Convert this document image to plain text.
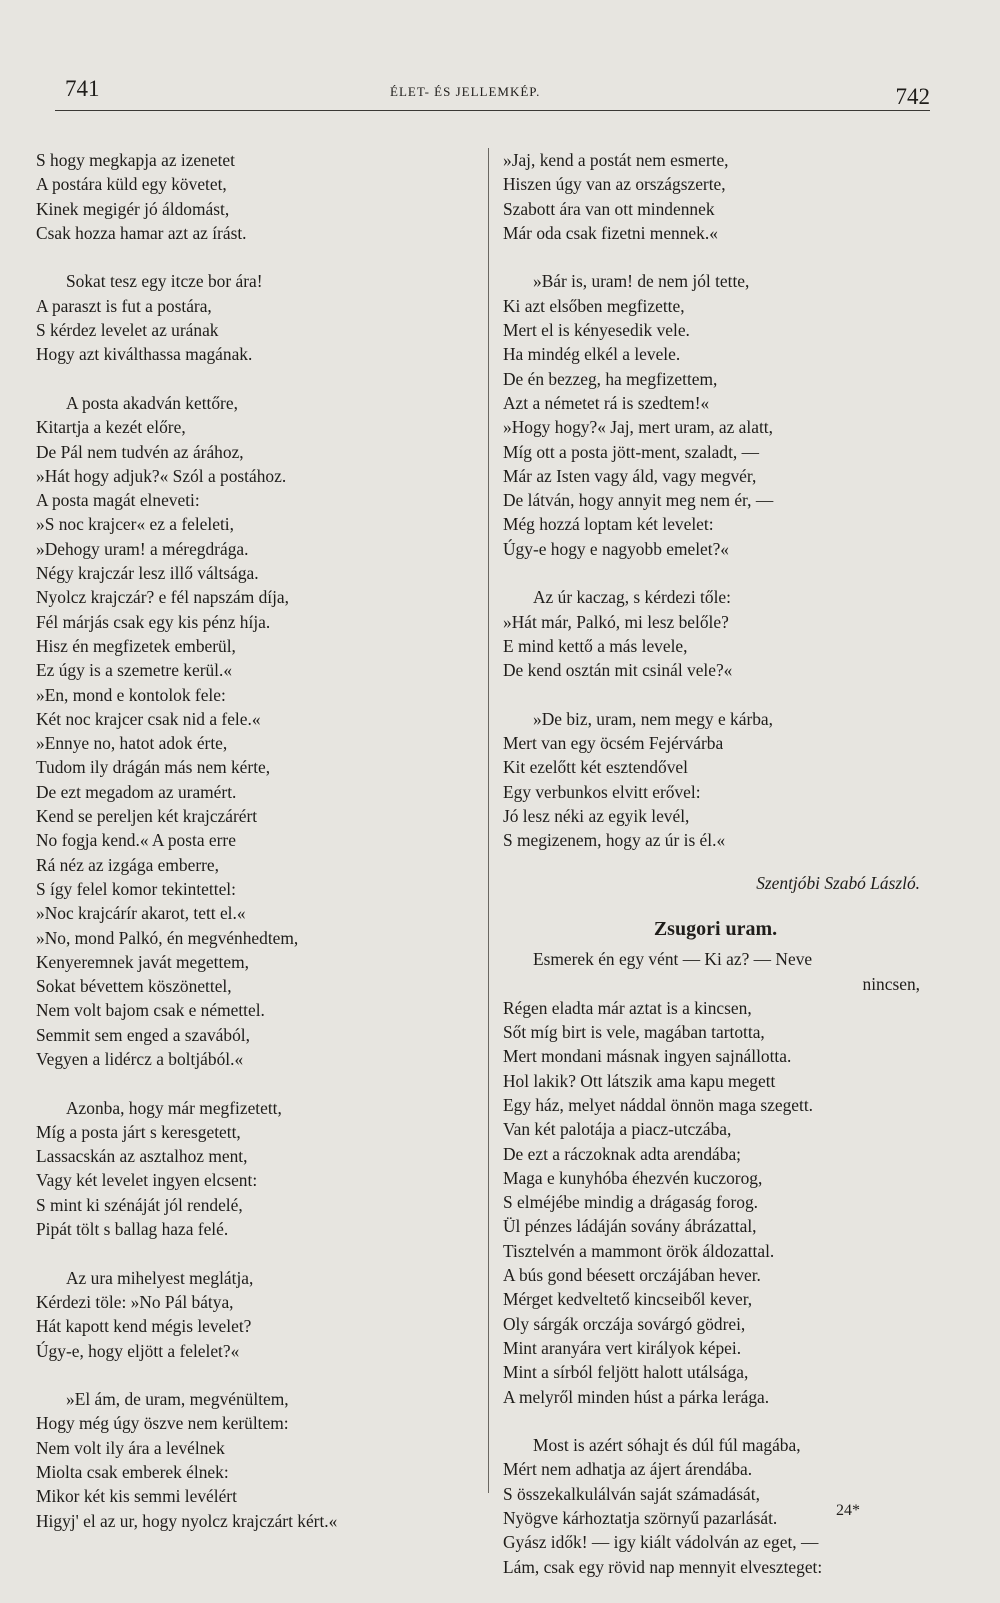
741	ÉLET- ÉS JELLEMKÉP.	742
S hogy megkapja az izenetet
A postára küld egy követet,
Kinek megigér jó áldomást,
Csak hozza hamar azt az írást.
Sokat tesz egy itcze bor ára!
A paraszt is fut a postára,
S kérdez levelet az urának
Hogy azt kiválthassa magának.
A posta akadván kettőre,
Kitartja a kezét előre,
De Pál nem tudvén az árához,
»Hát hogy adjuk?« Szól a postához.
A posta magát elneveti:
»S noc krajcer« ez a feleleti,
»Dehogy uram! a méregdrága.
Négy krajczár lesz illő váltsága.
Nyolcz krajczár? e fél napszám díja,
Fél márjás csak egy kis pénz híja.
Hisz én megfizetek emberül,
Ez úgy is a szemetre kerül.«
»En, mond e kontolok fele:
Két noc krajcer csak nid a fele.«
»Ennye no, hatot adok érte,
Tudom ily drágán más nem kérte,
De ezt megadom az uramért.
Kend se pereljen két krajczárért
No fogja kend.« A posta erre
Rá néz az izgága emberre,
S így felel komor tekintettel:
»Noc krajcárír akarot, tett el.«
»No, mond Palkó, én megvénhedtem,
Kenyeremnek javát megettem,
Sokat bévettem köszönettel,
Nem volt bajom csak e némettel.
Semmit sem enged a szavából,
Vegyen a lidércz a boltjából.«
Azonba, hogy már megfizetett,
Míg a posta járt s keresgetett,
Lassacskán az asztalhoz ment,
Vagy két levelet ingyen elcsent:
S mint ki szénáját jól rendelé,
Pipát tölt s ballag haza felé.
Az ura mihelyest meglátja,
Kérdezi töle: »No Pál bátya,
Hát kapott kend mégis levelet?
Úgy-e, hogy eljött a felelet?«
»El ám, de uram, megvénültem,
Hogy még úgy öszve nem kerültem:
Nem volt ily ára a levélnek
Miolta csak emberek élnek:
Mikor két kis semmi levélért
Higyj' el az ur, hogy nyolcz krajczárt kért.«
»Jaj, kend a postát nem esmerte,
Hiszen úgy van az országszerte,
Szabott ára van ott mindennek
Már oda csak fizetni mennek.«
»Bár is, uram! de nem jól tette,
Ki azt elsőben megfizette,
Mert el is kényesedik vele.
Ha mindég elkél a levele.
De én bezzeg, ha megfizettem,
Azt a németet rá is szedtem!«
»Hogy hogy?« Jaj, mert uram, az alatt,
Míg ott a posta jött-ment, szaladt, —
Már az Isten vagy áld, vagy megvér,
De látván, hogy annyit meg nem ér, —
Még hozzá loptam két levelet:
Úgy-e hogy e nagyobb emelet?«
Az úr kaczag, s kérdezi tőle:
»Hát már, Palkó, mi lesz belőle?
E mind kettő a más levele,
De kend osztán mit csinál vele?«
»De biz, uram, nem megy e kárba,
Mert van egy öcsém Fejérvárba
Kit ezelőtt két esztendővel
Egy verbunkos elvitt erővel:
Jó lesz néki az egyik levél,
S megizenem, hogy az úr is él.«
Szentjóbi Szabó László.
Zsugori uram.
Esmerek én egy vént — Ki az? — Neve
nincsen,
Régen eladta már aztat is a kincsen,
Sőt míg birt is vele, magában tartotta,
Mert mondani másnak ingyen sajnállotta.
Hol lakik? Ott látszik ama kapu megett
Egy ház, melyet náddal önnön maga szegett.
Van két palotája a piacz-utczába,
De ezt a ráczoknak adta arendába;
Maga e kunyhóba éhezvén kuczorog,
S elméjébe mindig a drágaság forog.
Ül pénzes ládáján sovány ábrázattal,
Tisztelvén a mammont örök áldozattal.
A bús gond béesett orczájában hever.
Mérget kedveltető kincseiből kever,
Oly sárgák orczája sovárgó gödrei,
Mint aranyára vert királyok képei.
Mint a sírból feljött halott utálsága,
A melyről minden húst a párka lerága.
Most is azért sóhajt és dúl fúl magába,
Mért nem adhatja az ájert árendába.
S összekalkulálván saját számadását,
Nyögve kárhoztatja szörnyű pazarlását.
Gyász idők! — igy kiált vádolván az eget, —
Lám, csak egy rövid nap mennyit elveszteget:
24*
